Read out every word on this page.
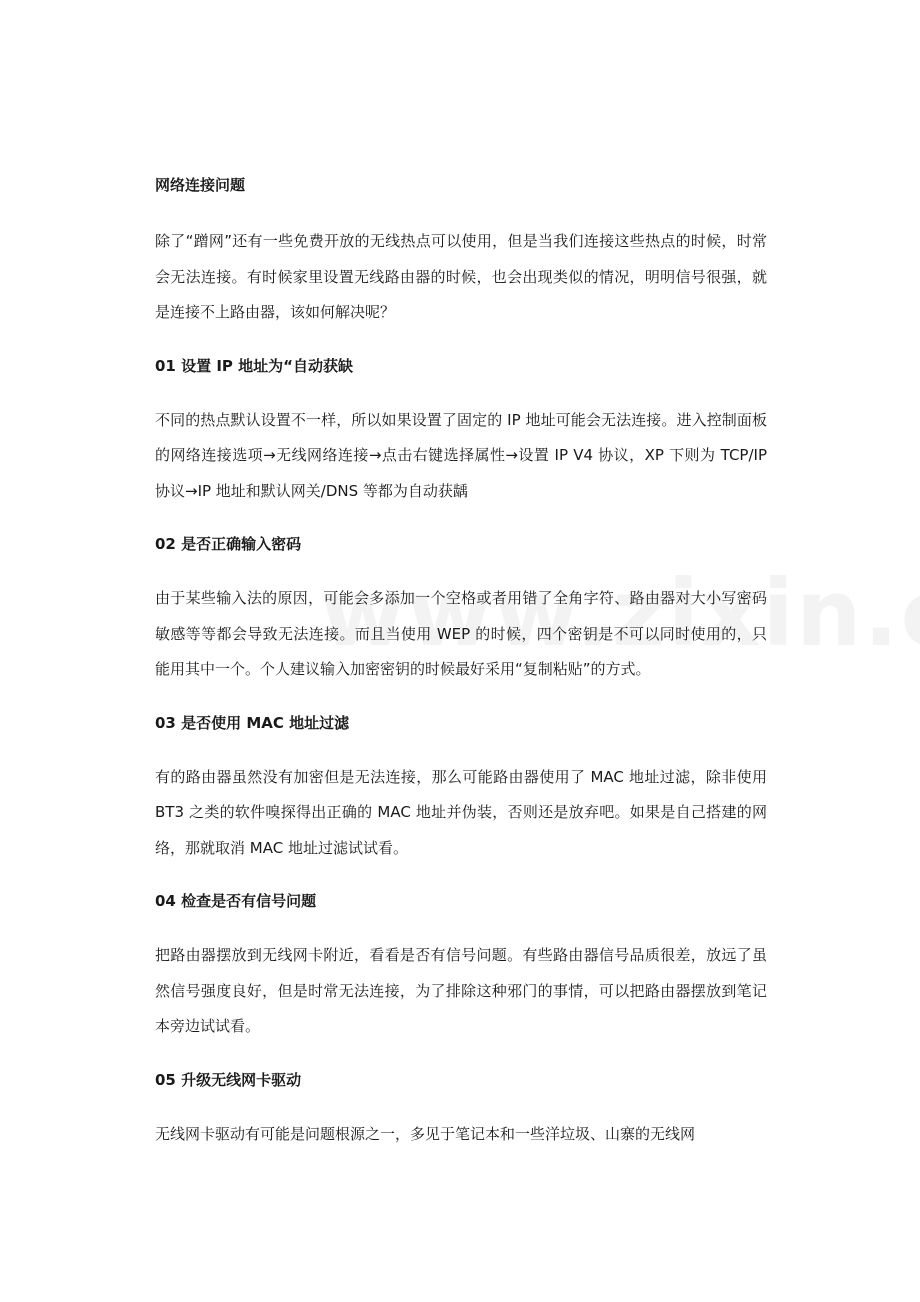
网络连接问题

除了“蹭网”还有一些免费开放的无线热点可以使用，但是当我们连接这些热点的时候，时常会无法连接。有时候家里设置无线路由器的时候，也会出现类似的情况，明明信号很强，就是连接不上路由器，该如何解决呢？

01 设置 IP 地址为“自动获缺

不同的热点默认设置不一样，所以如果设置了固定的 IP 地址可能会无法连接。进入控制面板的网络连接选项→无线网络连接→点击右键选择属性→设置 IP V4 协议，XP 下则为 TCP/IP 协议→IP 地址和默认网关/DNS 等都为自动获龋

02 是否正确输入密码

由于某些输入法的原因，可能会多添加一个空格或者用错了全角字符、路由器对大小写密码敏感等等都会导致无法连接。而且当使用 WEP 的时候，四个密钥是不可以同时使用的，只能用其中一个。个人建议输入加密密钥的时候最好采用“复制粘贴”的方式。

03 是否使用 MAC 地址过滤

有的路由器虽然没有加密但是无法连接，那么可能路由器使用了 MAC 地址过滤，除非使用 BT3 之类的软件嗅探得出正确的 MAC 地址并伪装，否则还是放弃吧。如果是自己搭建的网络，那就取消 MAC 地址过滤试试看。

04 检查是否有信号问题

把路由器摆放到无线网卡附近，看看是否有信号问题。有些路由器信号品质很差，放远了虽然信号强度良好，但是时常无法连接，为了排除这种邪门的事情，可以把路由器摆放到笔记本旁边试试看。

05 升级无线网卡驱动

无线网卡驱动有可能是问题根源之一，多见于笔记本和一些洋垃圾、山寨的无线网
